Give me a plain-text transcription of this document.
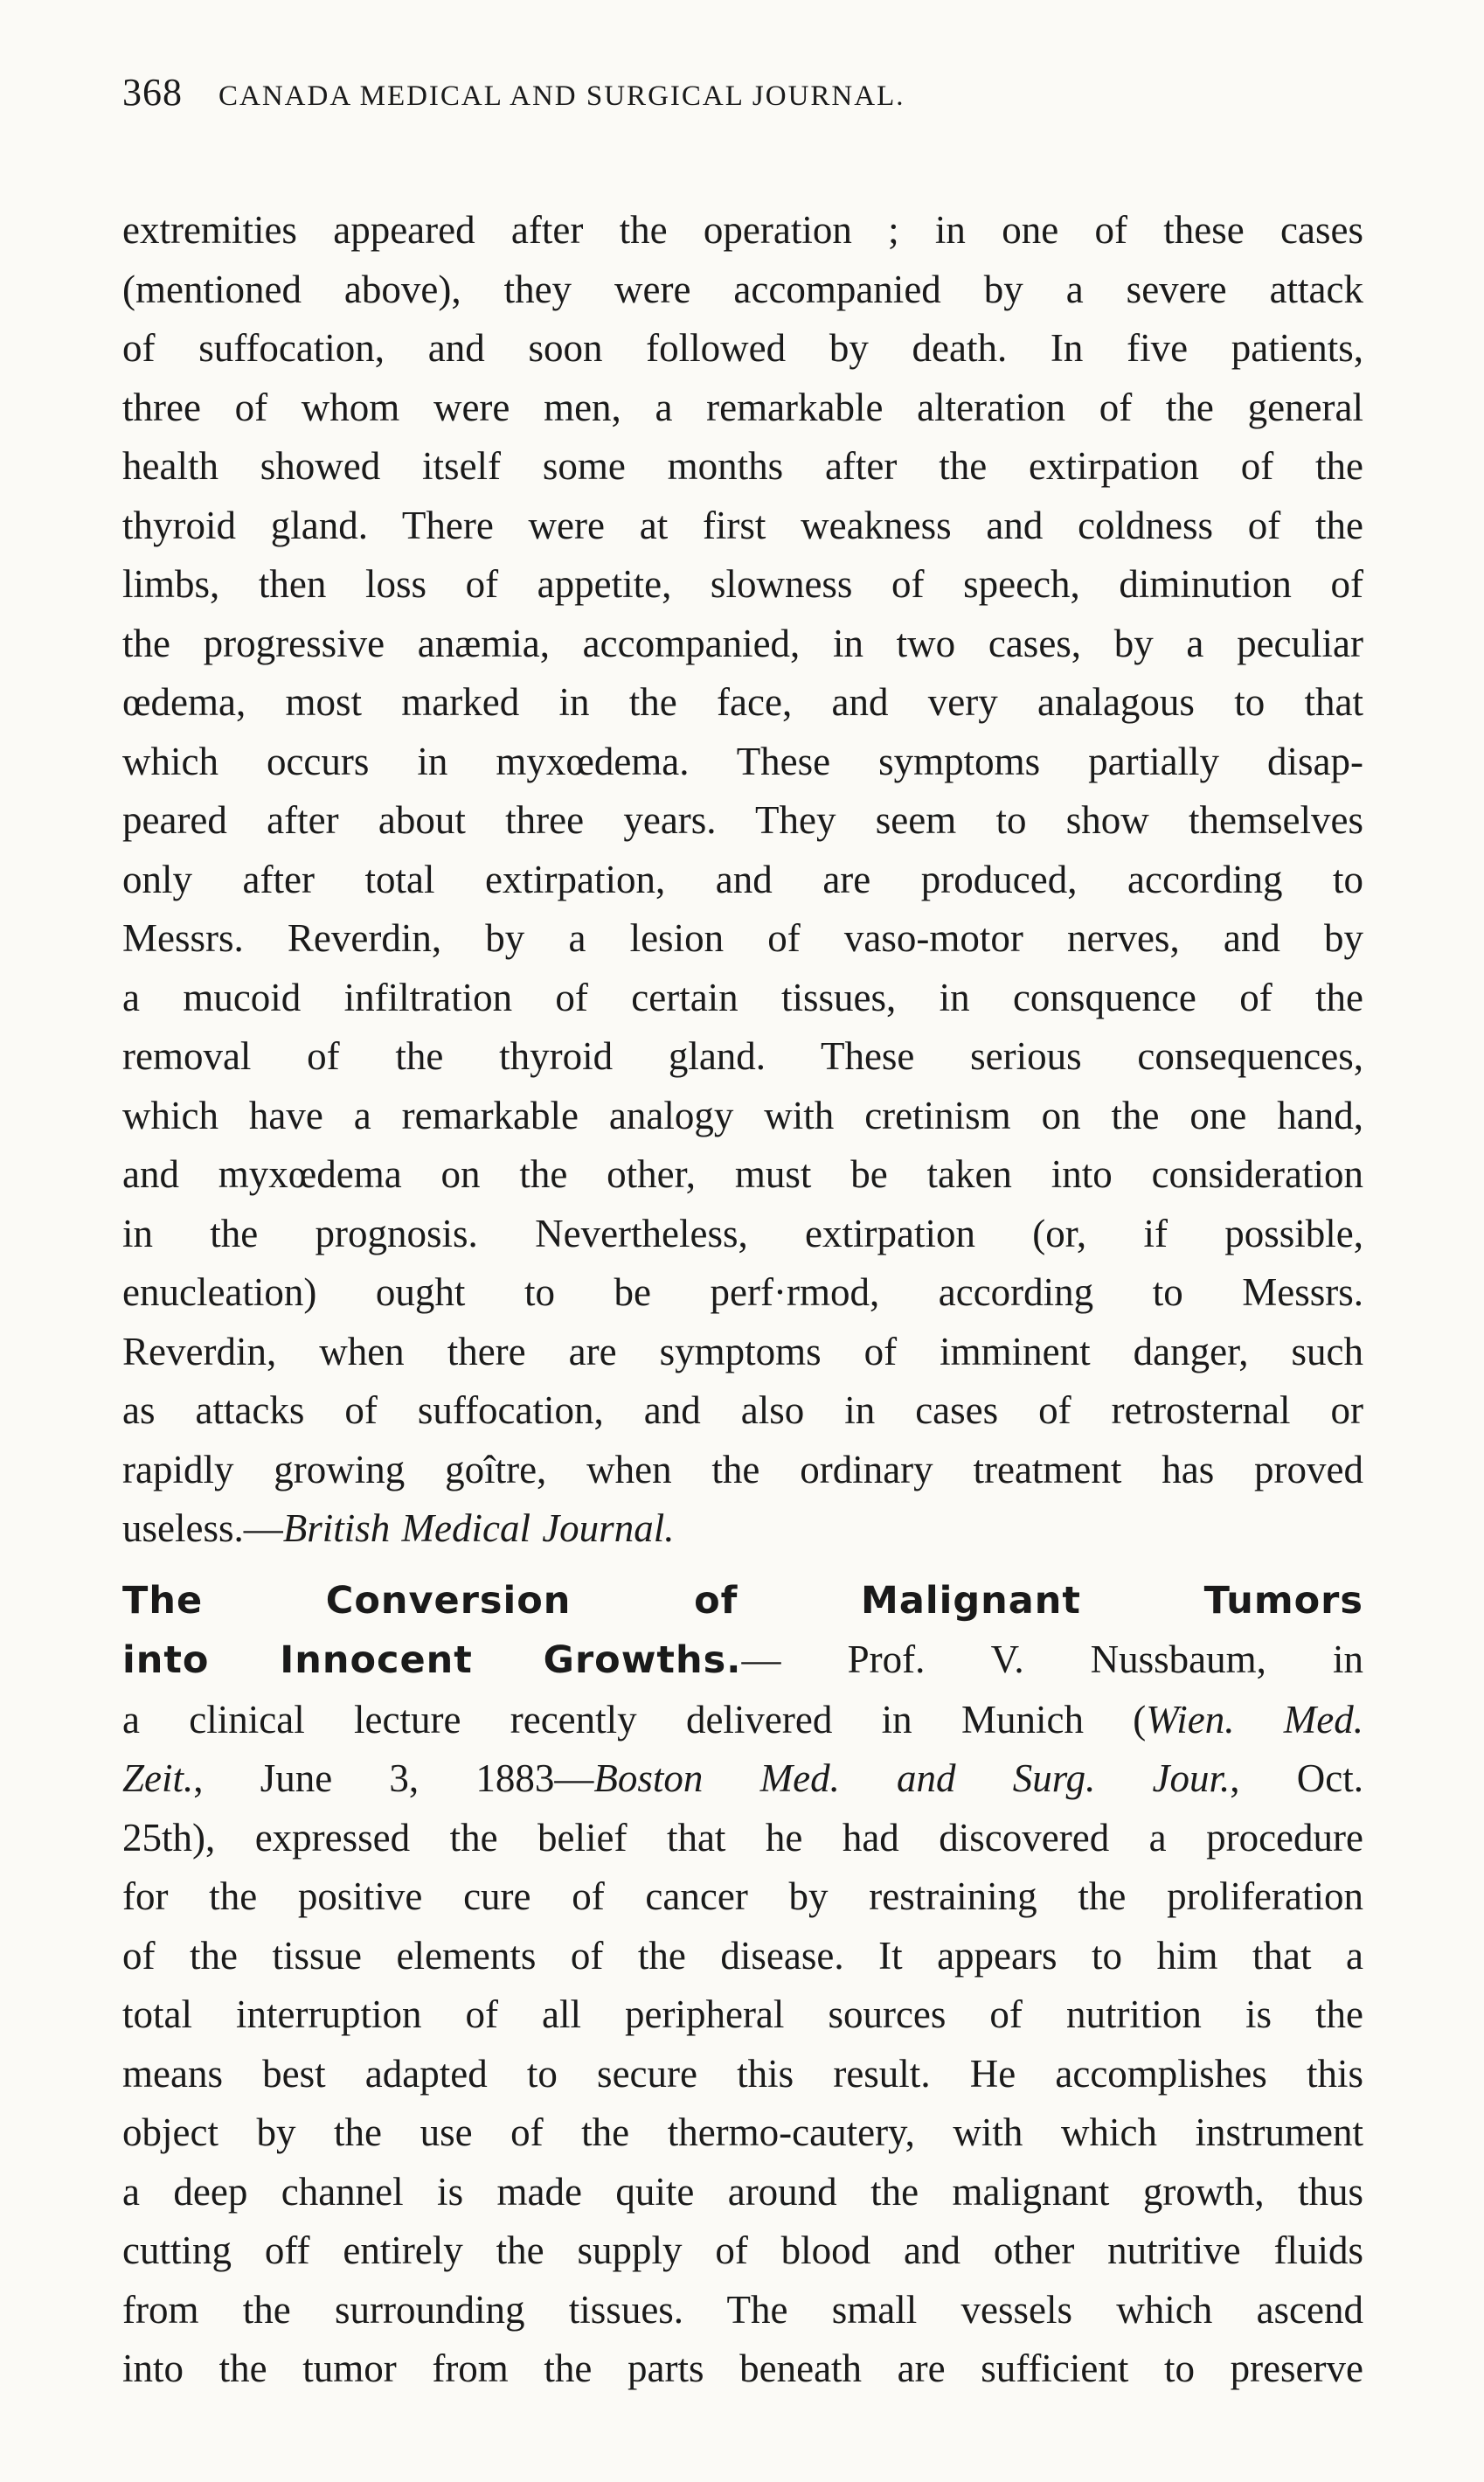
368	CANADA MEDICAL AND SURGICAL JOURNAL.
extremities appeared after the operation ; in one of these cases
(mentioned above), they were accompanied by a severe attack
of suffocation, and soon followed by death. In five patients,
three of whom were men, a remarkable alteration of the general
health showed itself some months after the extirpation of the
thyroid gland. There were at first weakness and coldness of the
limbs, then loss of appetite, slowness of speech, diminution of
the progressive anæmia, accompanied, in two cases, by a peculiar
œdema, most marked in the face, and very analagous to that
which occurs in myxœdema. These symptoms partially disap-
peared after about three years. They seem to show themselves
only after total extirpation, and are produced, according to
Messrs. Reverdin, by a lesion of vaso-motor nerves, and by
a mucoid infiltration of certain tissues, in consquence of the
removal of the thyroid gland. These serious consequences,
which have a remarkable analogy with cretinism on the one hand,
and myxœdema on the other, must be taken into consideration
in the prognosis. Nevertheless, extirpation (or, if possible,
enucleation) ought to be perf·rmod, according to Messrs.
Reverdin, when there are symptoms of imminent danger, such
as attacks of suffocation, and also in cases of retrosternal or
rapidly growing goître, when the ordinary treatment has proved
useless.—British Medical Journal.
The Conversion of Malignant Tumors
into Innocent Growths.— Prof. V. Nussbaum, in
a clinical lecture recently delivered in Munich (Wien. Med.
Zeit., June 3, 1883—Boston Med. and Surg. Jour., Oct.
25th), expressed the belief that he had discovered a procedure
for the positive cure of cancer by restraining the proliferation
of the tissue elements of the disease. It appears to him that a
total interruption of all peripheral sources of nutrition is the
means best adapted to secure this result. He accomplishes this
object by the use of the thermo-cautery, with which instrument
a deep channel is made quite around the malignant growth, thus
cutting off entirely the supply of blood and other nutritive fluids
from the surrounding tissues. The small vessels which ascend
into the tumor from the parts beneath are sufficient to preserve
